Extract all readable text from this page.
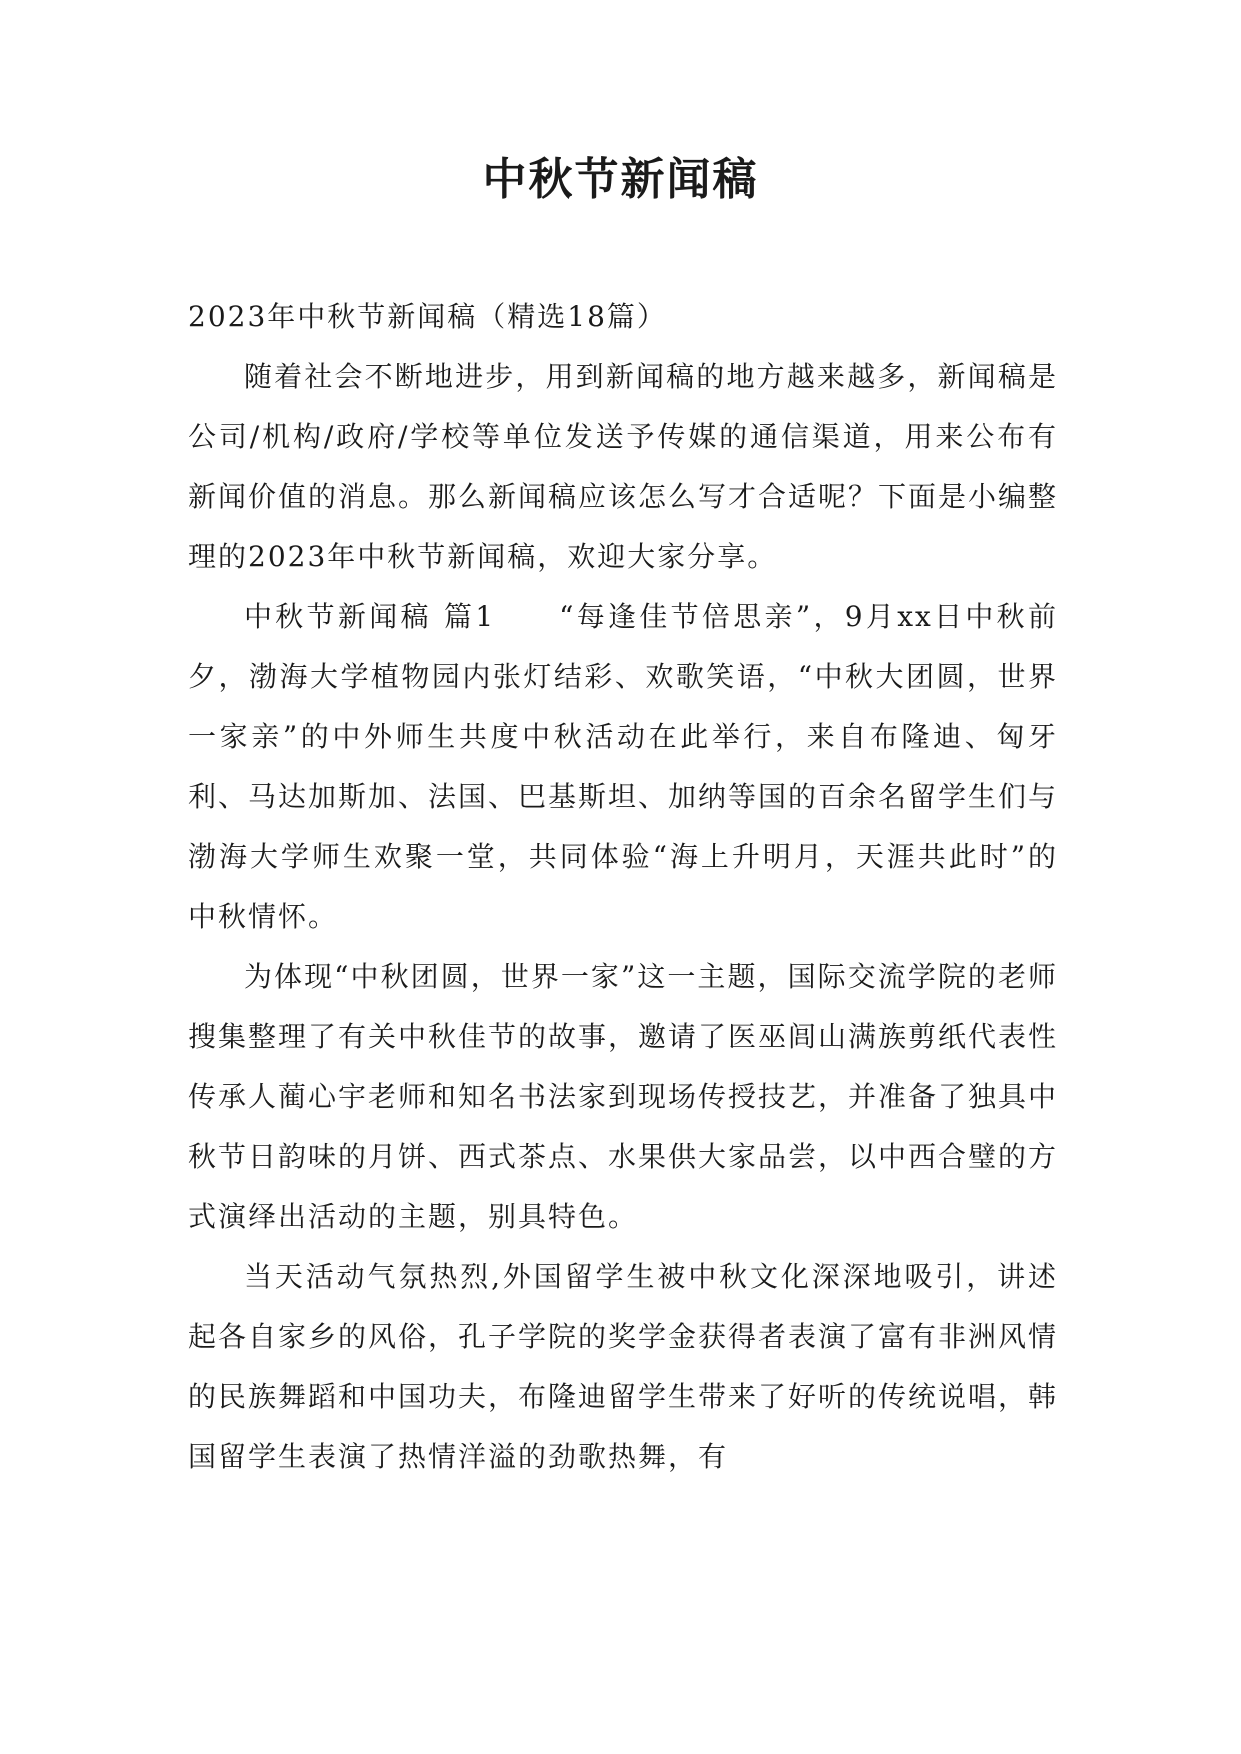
中秋节新闻稿

2023年中秋节新闻稿（精选18篇）

随着社会不断地进步，用到新闻稿的地方越来越多，新闻稿是公司/机构/政府/学校等单位发送予传媒的通信渠道，用来公布有新闻价值的消息。那么新闻稿应该怎么写才合适呢？下面是小编整理的2023年中秋节新闻稿，欢迎大家分享。

中秋节新闻稿 篇1　　“每逢佳节倍思亲”，9月xx日中秋前夕，渤海大学植物园内张灯结彩、欢歌笑语，“中秋大团圆，世界一家亲”的中外师生共度中秋活动在此举行，来自布隆迪、匈牙利、马达加斯加、法国、巴基斯坦、加纳等国的百余名留学生们与渤海大学师生欢聚一堂，共同体验“海上升明月，天涯共此时”的中秋情怀。

为体现“中秋团圆，世界一家”这一主题，国际交流学院的老师搜集整理了有关中秋佳节的故事，邀请了医巫闾山满族剪纸代表性传承人蔺心宇老师和知名书法家到现场传授技艺，并准备了独具中秋节日韵味的月饼、西式茶点、水果供大家品尝，以中西合璧的方式演绎出活动的主题，别具特色。

当天活动气氛热烈,外国留学生被中秋文化深深地吸引，讲述起各自家乡的风俗，孔子学院的奖学金获得者表演了富有非洲风情的民族舞蹈和中国功夫，布隆迪留学生带来了好听的传统说唱，韩国留学生表演了热情洋溢的劲歌热舞，有
